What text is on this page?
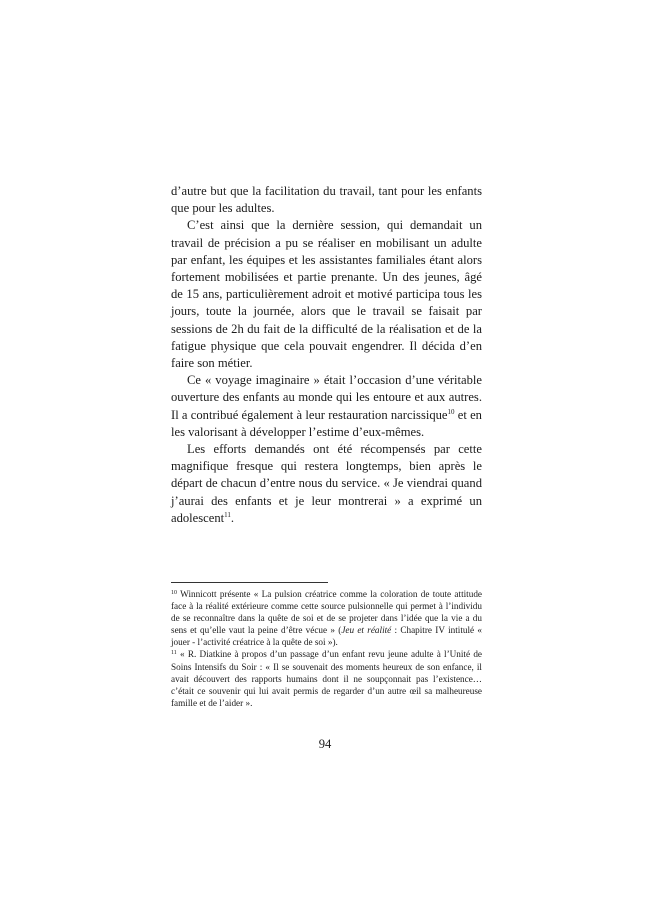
d’autre but que la facilitation du travail, tant pour les enfants que pour les adultes.

C’est ainsi que la dernière session, qui demandait un travail de précision a pu se réaliser en mobilisant un adulte par enfant, les équipes et les assistantes familiales étant alors fortement mobilisées et partie prenante. Un des jeunes, âgé de 15 ans, particulièrement adroit et motivé participa tous les jours, toute la journée, alors que le travail se faisait par sessions de 2h du fait de la difficulté de la réalisation et de la fatigue physique que cela pouvait engendrer. Il décida d’en faire son métier.

Ce « voyage imaginaire » était l’occasion d’une véritable ouverture des enfants au monde qui les entoure et aux autres. Il a contribué également à leur restauration narcissique$^{10}$ et en les valorisant à développer l’estime d’eux-mêmes.

Les efforts demandés ont été récompensés par cette magnifique fresque qui restera longtemps, bien après le départ de chacun d’entre nous du service. « Je viendrai quand j’aurai des enfants et je leur montrerai » a exprimé un adolescent$^{11}$.

$^{10}$ Winnicott présente « La pulsion créatrice comme la coloration de toute attitude face à la réalité extérieure comme cette source pulsionnelle qui permet à l’individu de se reconnaître dans la quête de soi et de se projeter dans l’idée que la vie a du sens et qu’elle vaut la peine d’être vécue » (Jeu et réalité : Chapitre IV intitulé « jouer - l’activité créatrice à la quête de soi »).

$^{11}$ « R. Diatkine à propos d’un passage d’un enfant revu jeune adulte à l’Unité de Soins Intensifs du Soir : « Il se souvenait des moments heureux de son enfance, il avait découvert des rapports humains dont il ne soupçonnait pas l’existence… c’était ce souvenir qui lui avait permis de regarder d’un autre œil sa malheureuse famille et de l’aider ».

94
